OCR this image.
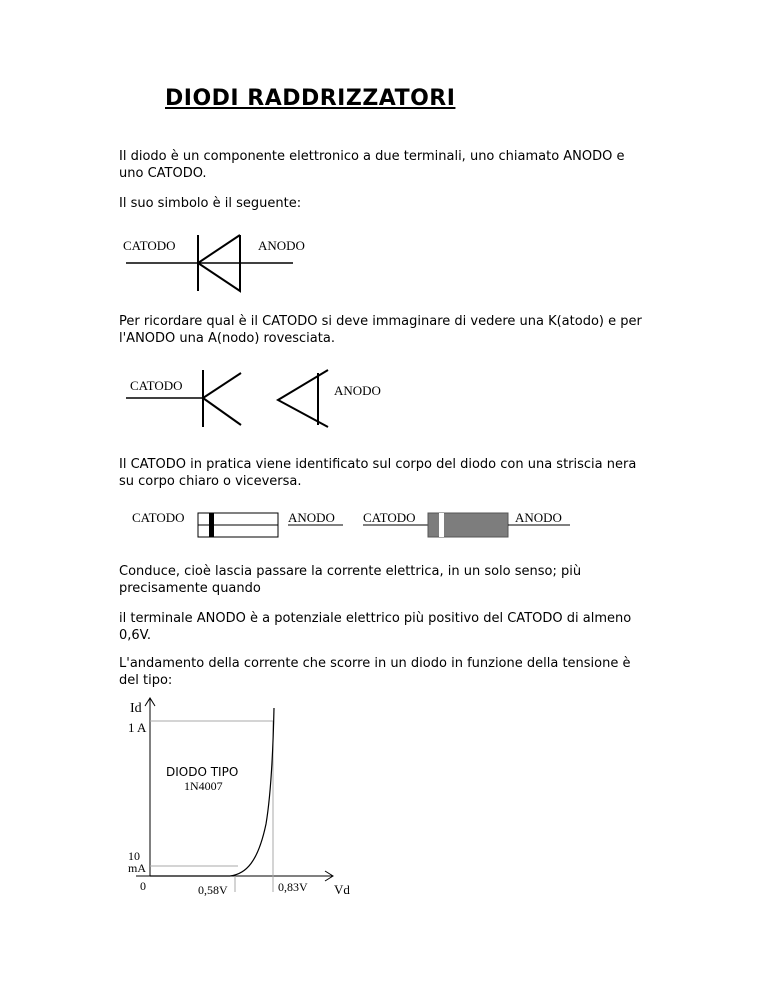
DIODI RADDRIZZATORI
Il diodo è un componente elettronico a due terminali, uno chiamato ANODO e uno CATODO.
Il suo simbolo è il seguente:
CATODO	ANODO
Per ricordare qual è il CATODO si deve immaginare di vedere una K(atodo) e per l'ANODO una A(nodo) rovesciata.
CATODO	ANODO
Il CATODO in pratica viene identificato sul corpo del diodo con una striscia nera su corpo chiaro o viceversa.
CATODO	ANODO CATODO	ANODO
Conduce, cioè lascia passare la corrente elettrica, in un solo senso; più precisamente quando
il terminale ANODO è a potenziale elettrico più positivo del CATODO di almeno 0,6V.
L'andamento della corrente che scorre in un diodo in funzione della tensione è del tipo:
Id
1 A
DIODO TIPO
1N4007
10
mA
0	0,58V	0,83V Vd
